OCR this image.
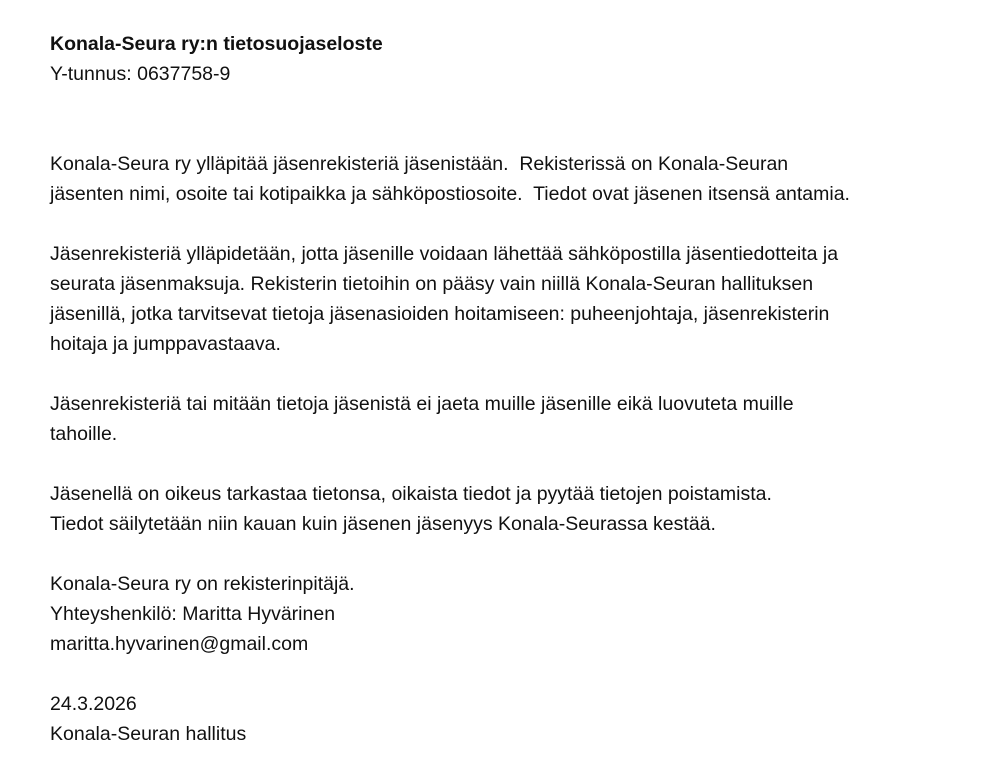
Konala-Seura ry:n tietosuojaseloste

Y-tunnus: 0637758-9

Konala-Seura ry ylläpitää jäsenrekisteriä jäsenistään.  Rekisterissä on Konala-Seuran

jäsenten nimi, osoite tai kotipaikka ja sähköpostiosoite.  Tiedot ovat jäsenen itsensä antamia.

Jäsenrekisteriä ylläpidetään, jotta jäsenille voidaan lähettää sähköpostilla jäsentiedotteita ja

seurata jäsenmaksuja. Rekisterin tietoihin on pääsy vain niillä Konala-Seuran hallituksen

jäsenillä, jotka tarvitsevat tietoja jäsenasioiden hoitamiseen: puheenjohtaja, jäsenrekisterin

hoitaja ja jumppavastaava.

Jäsenrekisteriä tai mitään tietoja jäsenistä ei jaeta muille jäsenille eikä luovuteta muille

tahoille.

Jäsenellä on oikeus tarkastaa tietonsa, oikaista tiedot ja pyytää tietojen poistamista.

Tiedot säilytetään niin kauan kuin jäsenen jäsenyys Konala-Seurassa kestää.

Konala-Seura ry on rekisterinpitäjä.

Yhteyshenkilö: Maritta Hyvärinen

maritta.hyvarinen@gmail.com

24.3.2026

Konala-Seuran hallitus
